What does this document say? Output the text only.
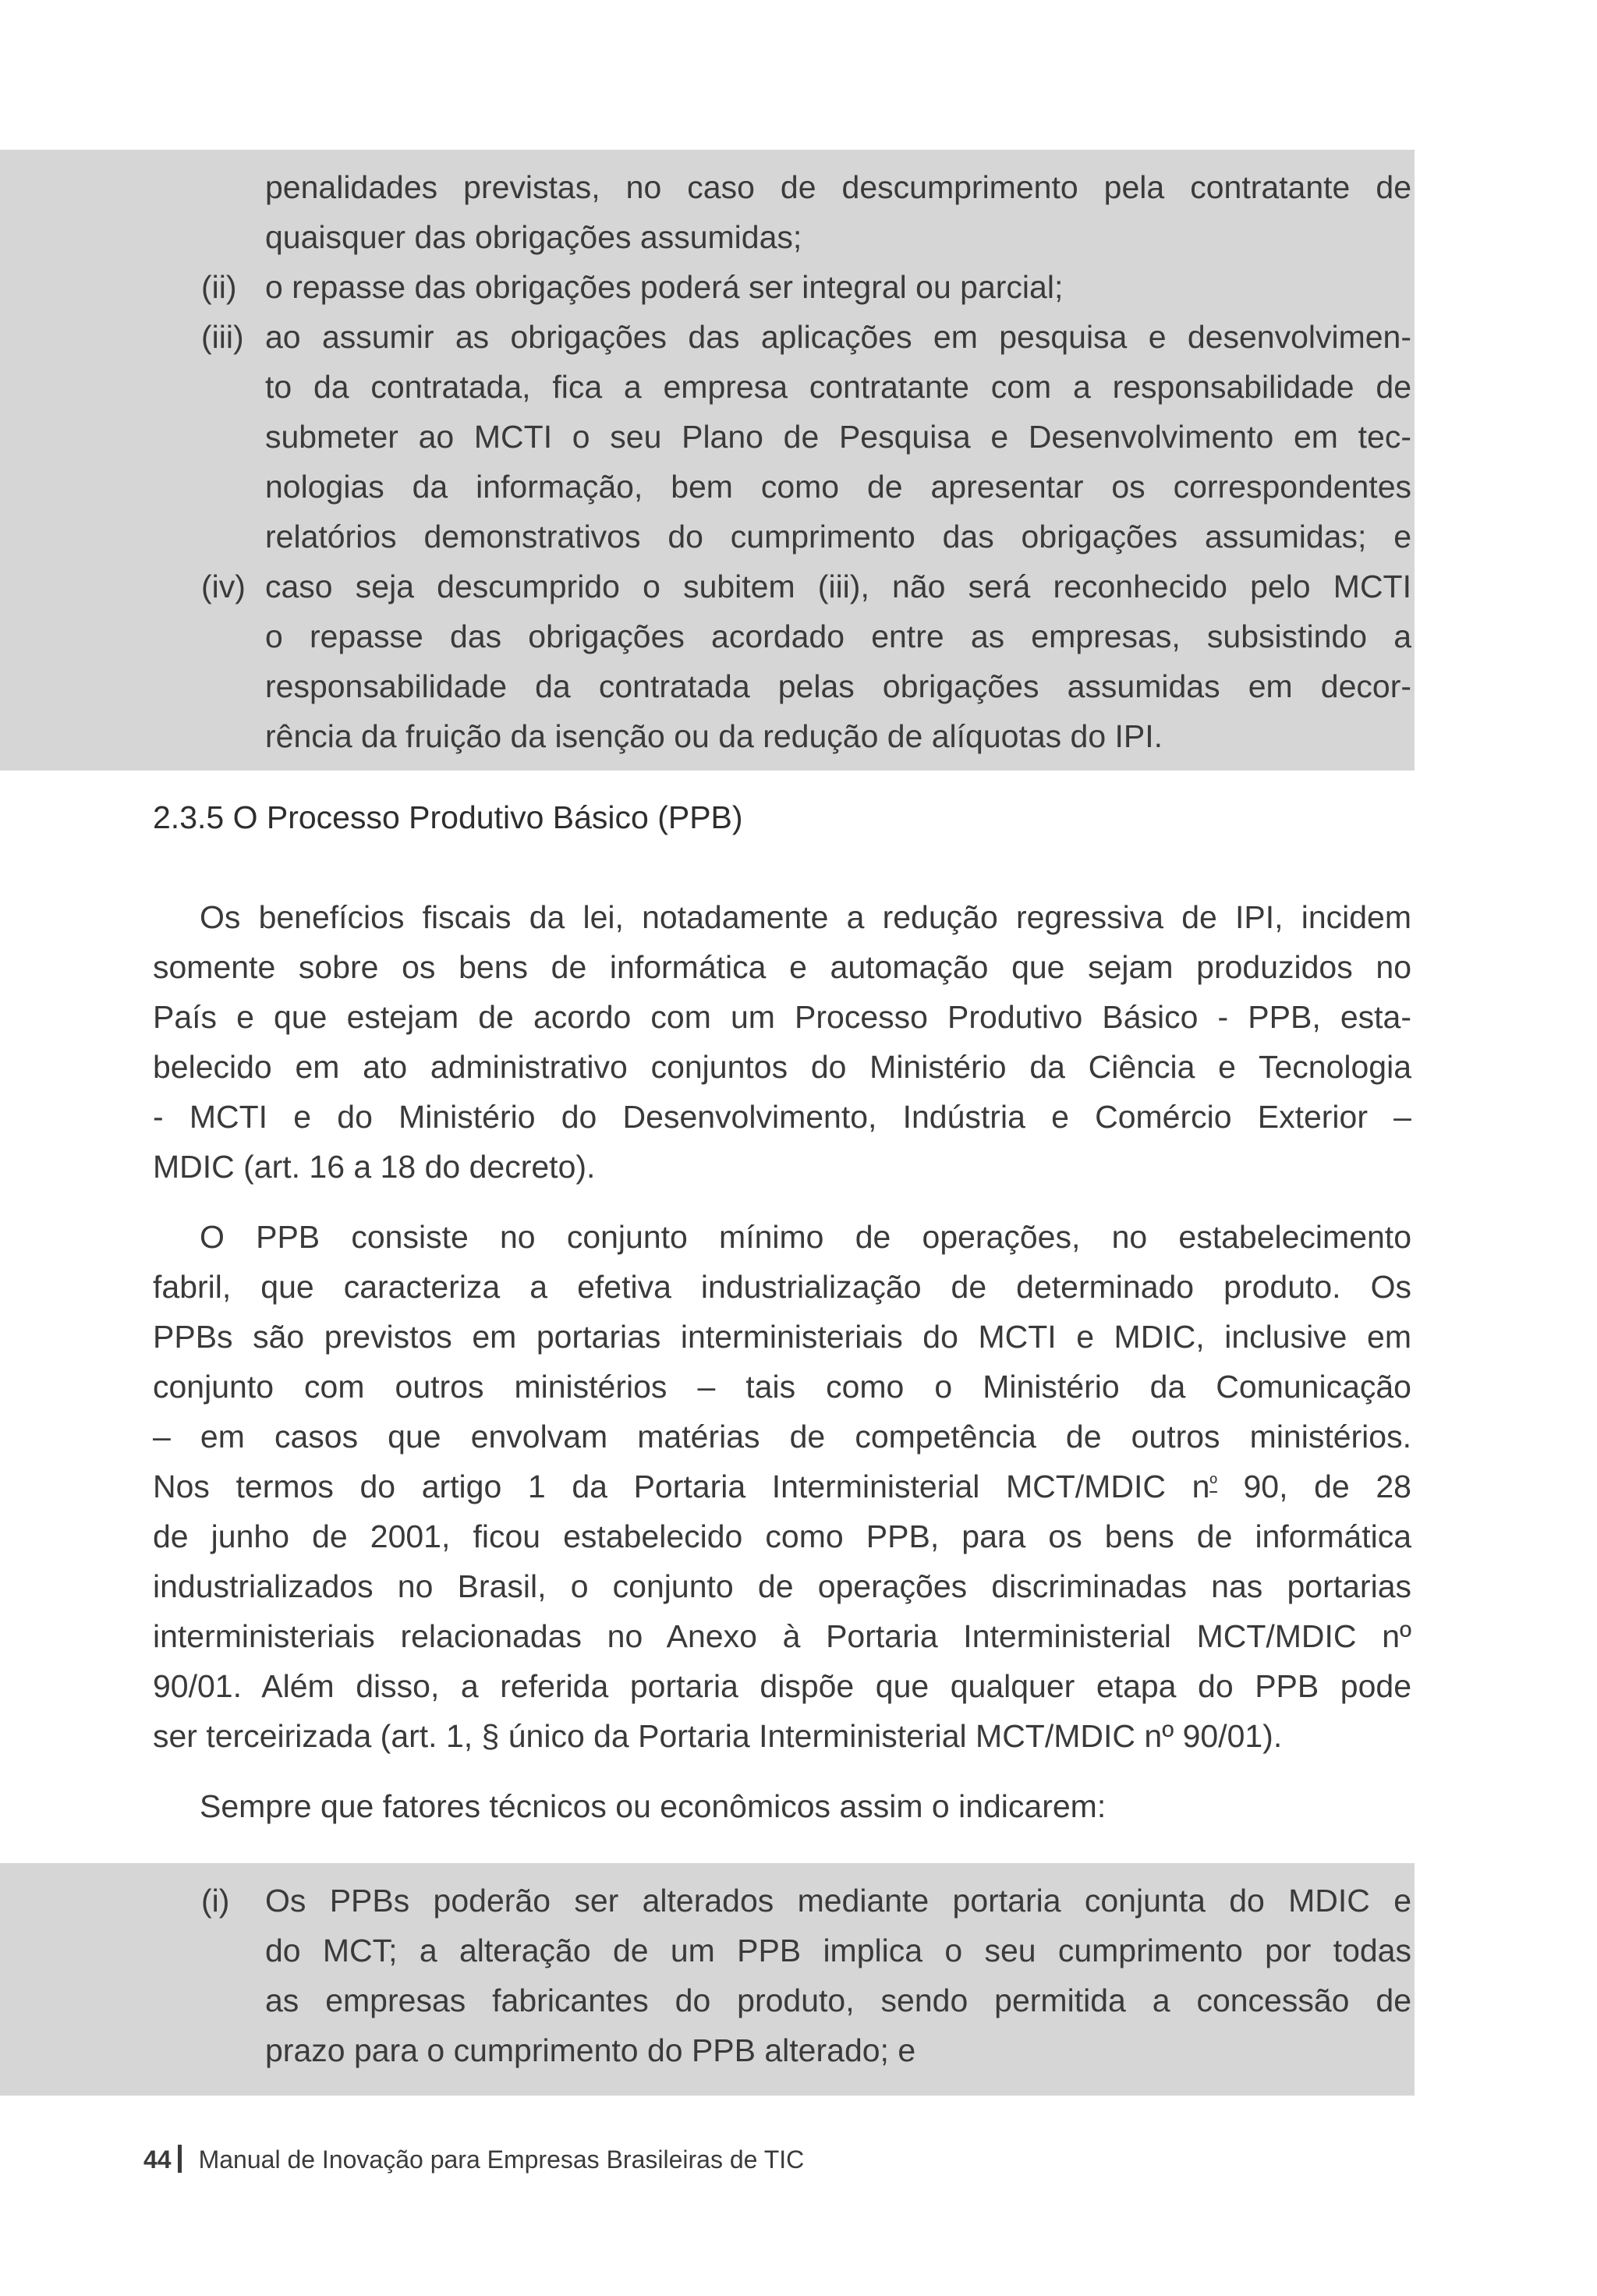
penalidades previstas, no caso de descumprimento pela contratante de
quaisquer das obrigações assumidas;
(ii) o repasse das obrigações poderá ser integral ou parcial;
(iii) ao assumir as obrigações das aplicações em pesquisa e desenvolvimen-
to da contratada, fica a empresa contratante com a responsabilidade de
submeter ao MCTI o seu Plano de Pesquisa e Desenvolvimento em tec-
nologias da informação, bem como de apresentar os correspondentes
relatórios demonstrativos do cumprimento das obrigações assumidas; e
(iv) caso seja descumprido o subitem (iii), não será reconhecido pelo MCTI
o repasse das obrigações acordado entre as empresas, subsistindo a
responsabilidade da contratada pelas obrigações assumidas em decor-
rência da fruição da isenção ou da redução de alíquotas do IPI.
2.3.5 O Processo Produtivo Básico (PPB)
Os benefícios fiscais da lei, notadamente a redução regressiva de IPI, incidem
somente sobre os bens de informática e automação que sejam produzidos no
País e que estejam de acordo com um Processo Produtivo Básico - PPB, esta-
belecido em ato administrativo conjuntos do Ministério da Ciência e Tecnologia
- MCTI e do Ministério do Desenvolvimento, Indústria e Comércio Exterior –
MDIC (art. 16 a 18 do decreto).
O PPB consiste no conjunto mínimo de operações, no estabelecimento
fabril, que caracteriza a efetiva industrialização de determinado produto. Os
PPBs são previstos em portarias interministeriais do MCTI e MDIC, inclusive em
conjunto com outros ministérios – tais como o Ministério da Comunicação
– em casos que envolvam matérias de competência de outros ministérios.
Nos termos do artigo 1 da Portaria Interministerial MCT/MDIC $n^º$ 90, de 28
de junho de 2001, ficou estabelecido como PPB, para os bens de informática
industrializados no Brasil, o conjunto de operações discriminadas nas portarias
interministeriais relacionadas no Anexo à Portaria Interministerial MCT/MDIC nº
90/01. Além disso, a referida portaria dispõe que qualquer etapa do PPB pode
ser terceirizada (art. 1, § único da Portaria Interministerial MCT/MDIC nº 90/01).
Sempre que fatores técnicos ou econômicos assim o indicarem:
(i) Os PPBs poderão ser alterados mediante portaria conjunta do MDIC e
do MCT; a alteração de um PPB implica o seu cumprimento por todas
as empresas fabricantes do produto, sendo permitida a concessão de
prazo para o cumprimento do PPB alterado; e
44 Manual de Inovação para Empresas Brasileiras de TIC
